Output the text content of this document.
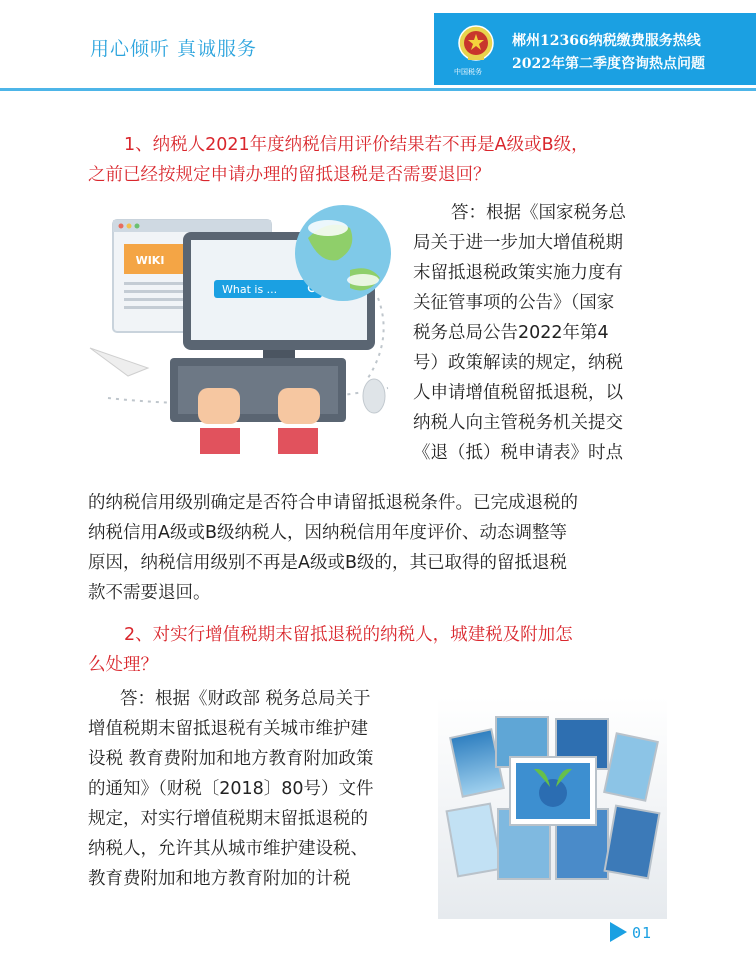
用心倾听 真诚服务
中国税务
郴州12366纳税缴费服务热线
2022年第二季度咨询热点问题
1、纳税人2021年度纳税信用评价结果若不再是A级或B级，
之前已经按规定申请办理的留抵退税是否需要退回？
WIKI
What is ...
答：根据《国家税务总
局关于进一步加大增值税期
末留抵退税政策实施力度有
关征管事项的公告》（国家
税务总局公告2022年第4
号）政策解读的规定，纳税
人申请增值税留抵退税，以
纳税人向主管税务机关提交
《退（抵）税申请表》时点
的纳税信用级别确定是否符合申请留抵退税条件。已完成退税的
纳税信用A级或B级纳税人，因纳税信用年度评价、动态调整等
原因，纳税信用级别不再是A级或B级的，其已取得的留抵退税
款不需要退回。
2、对实行增值税期末留抵退税的纳税人，城建税及附加怎
么处理？
答：根据《财政部 税务总局关于
增值税期末留抵退税有关城市维护建
设税 教育费附加和地方教育附加政策
的通知》（财税〔2018〕80号）文件
规定，对实行增值税期末留抵退税的
纳税人，允许其从城市维护建设税、
教育费附加和地方教育附加的计税
01
